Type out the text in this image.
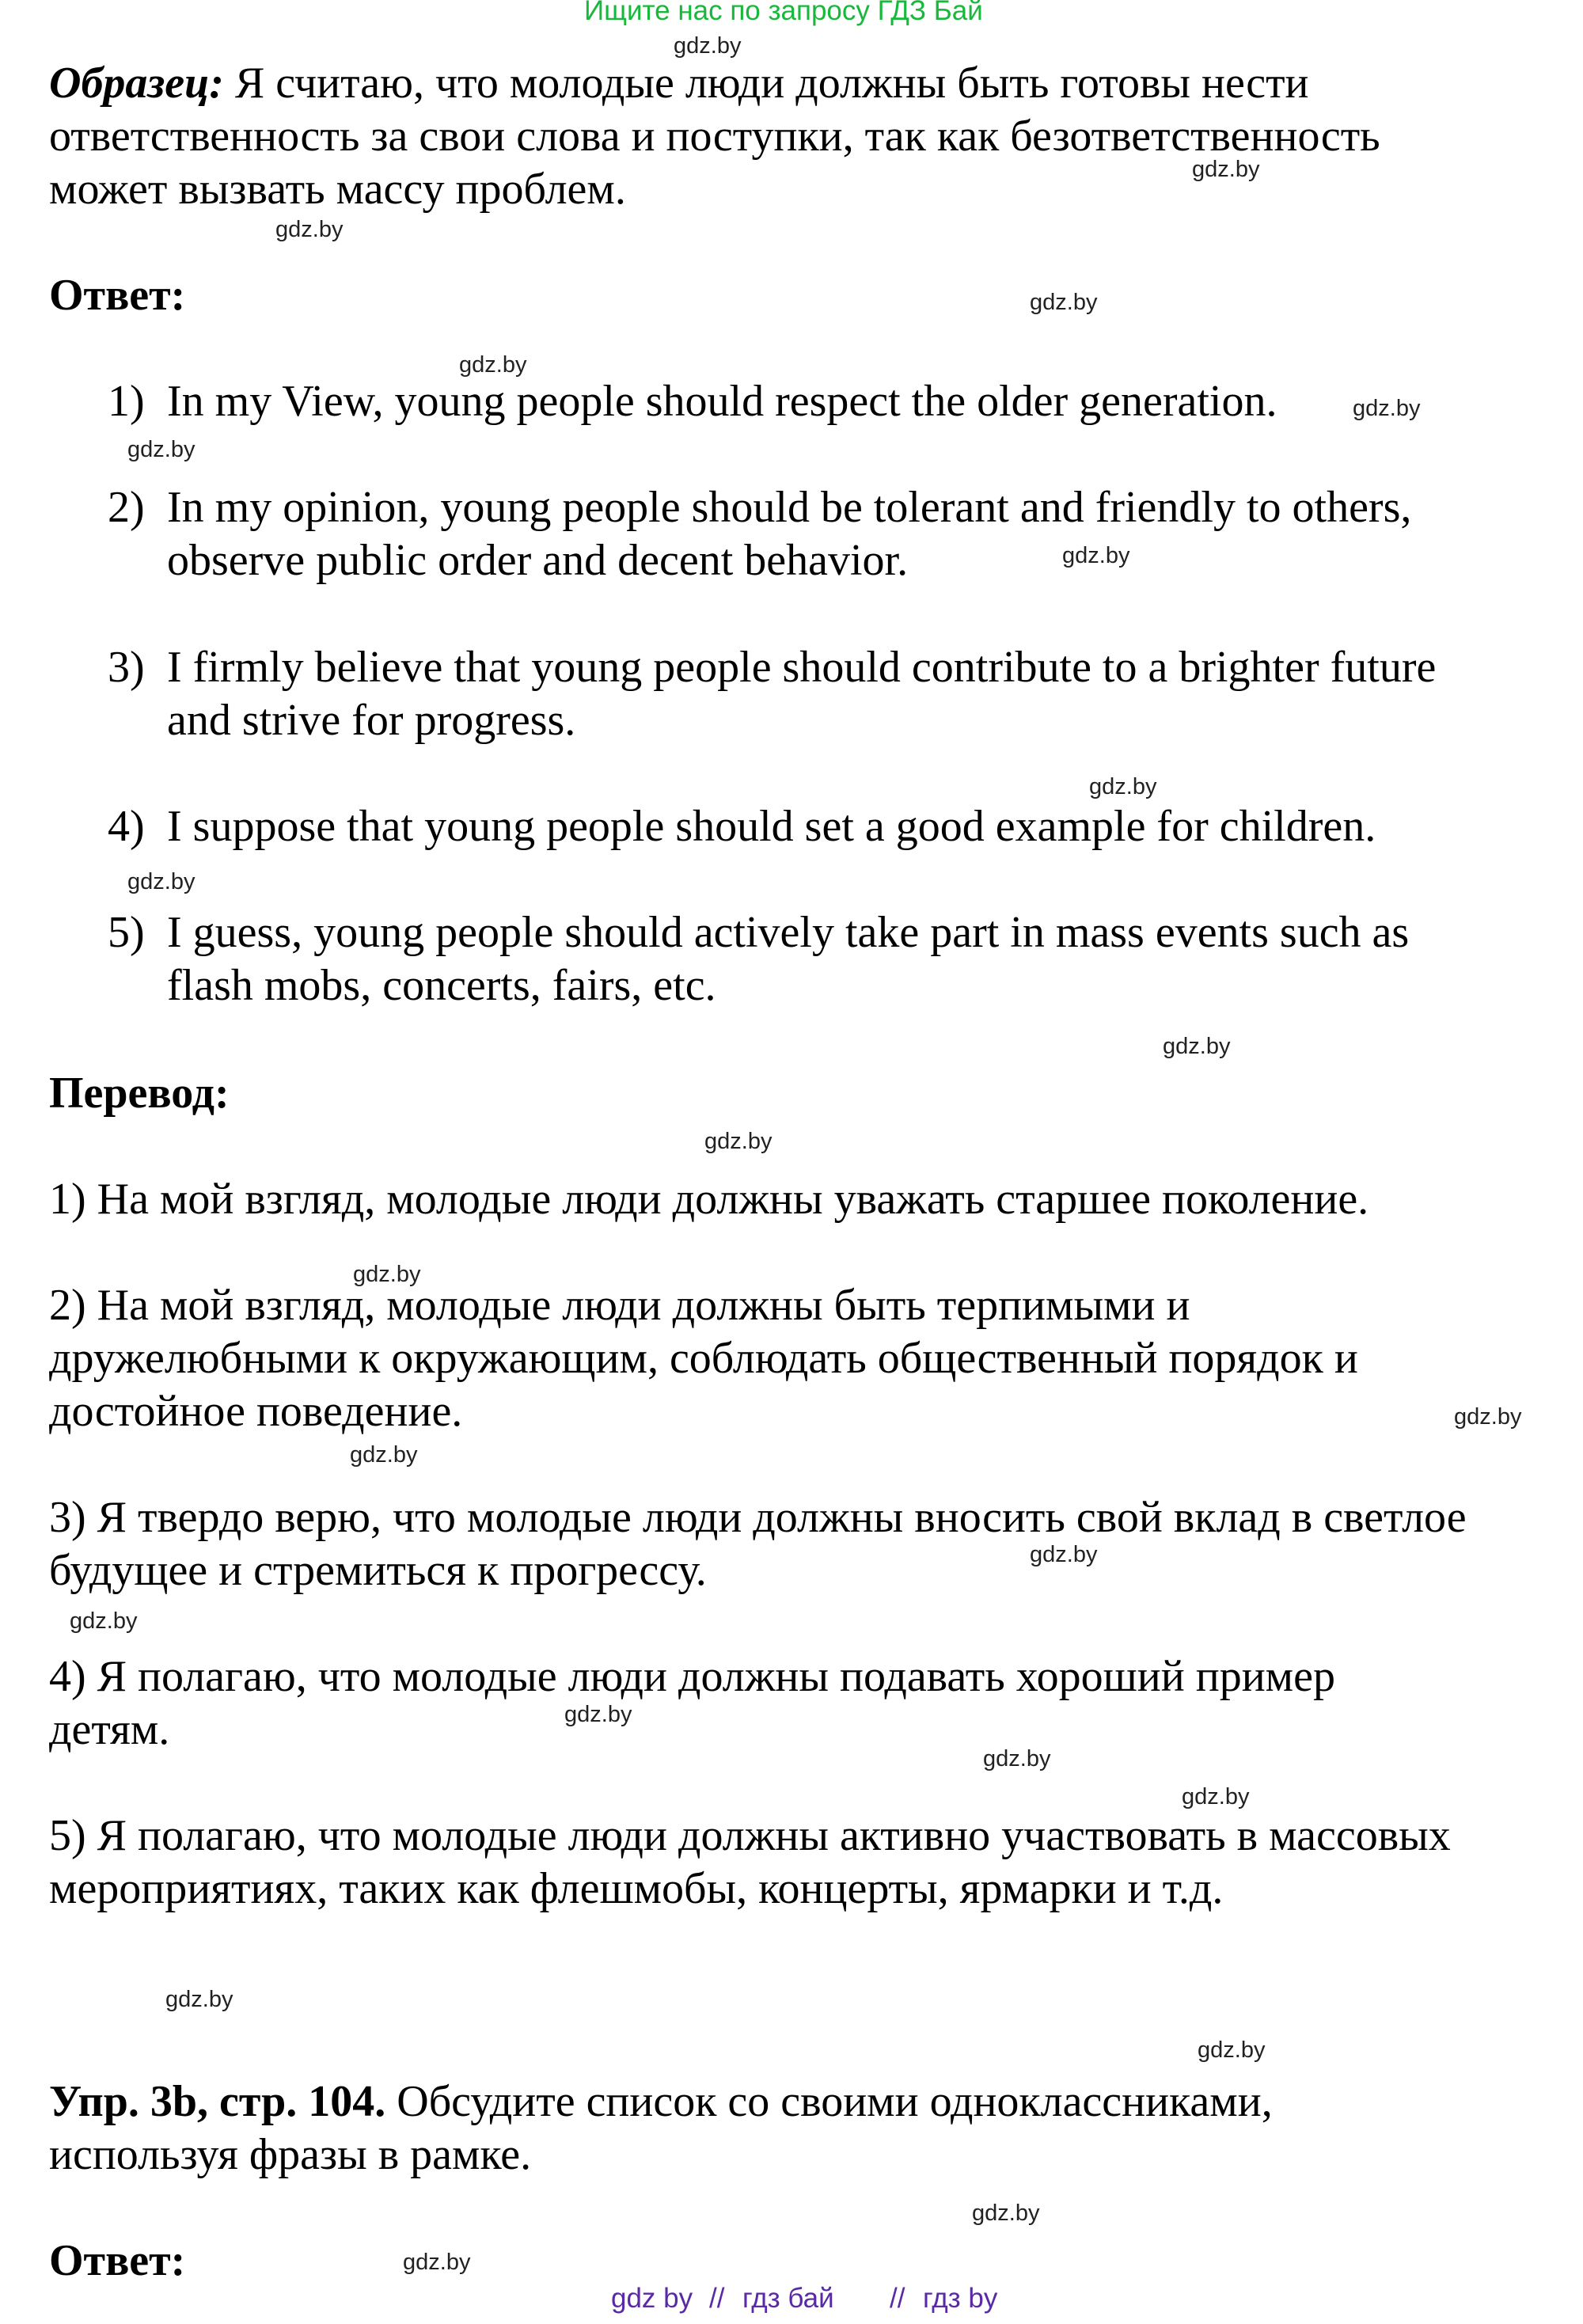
Ищите нас по запросу ГДЗ Бай
gdz.by
Образец: Я считаю, что молодые люди должны быть готовы нести
ответственность за свои слова и поступки, так как безответственность
может вызвать массу проблем.
Ответ:
1) In my View, young people should respect the older generation.
2) In my opinion, young people should be tolerant and friendly to others,
observe public order and decent behavior.
3) I firmly believe that young people should contribute to a brighter future
and strive for progress.
4) I suppose that young people should set a good example for children.
5) I guess, young people should actively take part in mass events such as
flash mobs, concerts, fairs, etc.
Перевод:
1) На мой взгляд, молодые люди должны уважать старшее поколение.
2) На мой взгляд, молодые люди должны быть терпимыми и
дружелюбными к окружающим, соблюдать общественный порядок и
достойное поведение.
3) Я твердо верю, что молодые люди должны вносить свой вклад в светлое
будущее и стремиться к прогрессу.
4) Я полагаю, что молодые люди должны подавать хороший пример
детям.
5) Я полагаю, что молодые люди должны активно участвовать в массовых
мероприятиях, таких как флешмобы, концерты, ярмарки и т.д.
Упр. 3b, стр. 104. Обсудите список со своими одноклассниками,
используя фразы в рамке.
Ответ:
gdz.by
gdz.by
gdz.by
gdz.by
gdz.by
gdz.by
gdz.by
gdz.by
gdz.by
gdz.by
gdz.by
gdz.by
gdz.by
gdz.by
gdz.by
gdz.by
gdz.by
gdz.by
gdz.by
gdz.by
gdz.by
gdz.by
gdz.by
gdz by // гдз бай // гдз by
